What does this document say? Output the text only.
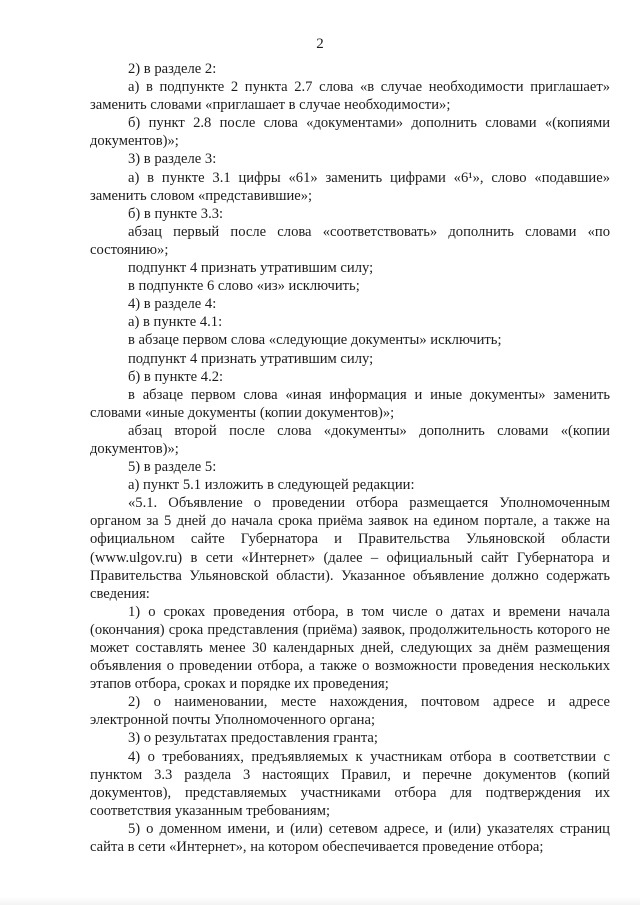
2

2) в разделе 2:

а) в подпункте 2 пункта 2.7 слова «в случае необходимости приглашает» заменить словами «приглашает в случае необходимости»;

б) пункт 2.8 после слова «документами» дополнить словами «(копиями документов)»;

3) в разделе 3:

а) в пункте 3.1 цифры «61» заменить цифрами «6¹», слово «подавшие» заменить словом «представившие»;

б) в пункте 3.3:

абзац первый после слова «соответствовать» дополнить словами «по состоянию»;

подпункт 4 признать утратившим силу;

в подпункте 6 слово «из» исключить;

4) в разделе 4:

а) в пункте 4.1:

в абзаце первом слова «следующие документы» исключить;

подпункт 4 признать утратившим силу;

б) в пункте 4.2:

в абзаце первом слова «иная информация и иные документы» заменить словами «иные документы (копии документов)»;

абзац второй после слова «документы» дополнить словами «(копии документов)»;

5) в разделе 5:

а) пункт 5.1 изложить в следующей редакции:

«5.1. Объявление о проведении отбора размещается Уполномоченным органом за 5 дней до начала срока приёма заявок на едином портале, а также на официальном сайте Губернатора и Правительства Ульяновской области (www.ulgov.ru) в сети «Интернет» (далее – официальный сайт Губернатора и Правительства Ульяновской области). Указанное объявление должно содержать сведения:

1) о сроках проведения отбора, в том числе о датах и времени начала (окончания) срока представления (приёма) заявок, продолжительность которого не может составлять менее 30 календарных дней, следующих за днём размещения объявления о проведении отбора, а также о возможности проведения нескольких этапов отбора, сроках и порядке их проведения;

2) о наименовании, месте нахождения, почтовом адресе и адресе электронной почты Уполномоченного органа;

3) о результатах предоставления гранта;

4) о требованиях, предъявляемых к участникам отбора в соответствии с пунктом 3.3 раздела 3 настоящих Правил, и перечне документов (копий документов), представляемых участниками отбора для подтверждения их соответствия указанным требованиям;

5) о доменном имени, и (или) сетевом адресе, и (или) указателях страниц сайта в сети «Интернет», на котором обеспечивается проведение отбора;
